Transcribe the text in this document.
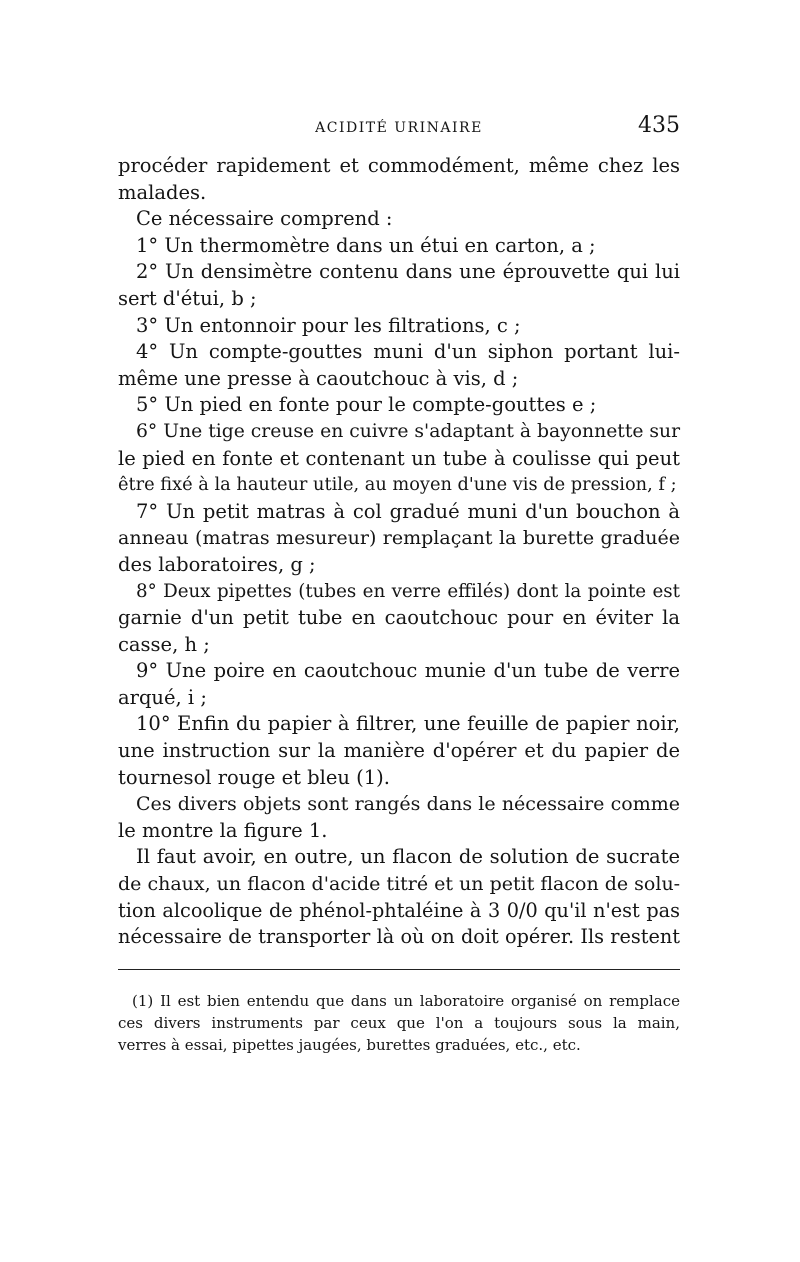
ACIDITÉ URINAIRE	435
procéder rapidement et commodément, même chez les
malades.
Ce nécessaire comprend :
1° Un thermomètre dans un étui en carton, a ;
2° Un densimètre contenu dans une éprouvette qui lui
sert d'étui, b ;
3° Un entonnoir pour les filtrations, c ;
4° Un compte-gouttes muni d'un siphon portant lui-
même une presse à caoutchouc à vis, d ;
5° Un pied en fonte pour le compte-gouttes e ;
6° Une tige creuse en cuivre s'adaptant à bayonnette sur
le pied en fonte et contenant un tube à coulisse qui peut
être fixé à la hauteur utile, au moyen d'une vis de pression, f ;
7° Un petit matras à col gradué muni d'un bouchon à
anneau (matras mesureur) remplaçant la burette graduée
des laboratoires, g ;
8° Deux pipettes (tubes en verre effilés) dont la pointe est
garnie d'un petit tube en caoutchouc pour en éviter la
casse, h ;
9° Une poire en caoutchouc munie d'un tube de verre
arqué, i ;
10° Enfin du papier à filtrer, une feuille de papier noir,
une instruction sur la manière d'opérer et du papier de
tournesol rouge et bleu (1).
Ces divers objets sont rangés dans le nécessaire comme
le montre la figure 1.
Il faut avoir, en outre, un flacon de solution de sucrate
de chaux, un flacon d'acide titré et un petit flacon de solu-
tion alcoolique de phénol-phtaléine à 3 0/0 qu'il n'est pas
nécessaire de transporter là où on doit opérer. Ils restent
(1) Il est bien entendu que dans un laboratoire organisé on remplace
ces divers instruments par ceux que l'on a toujours sous la main,
verres à essai, pipettes jaugées, burettes graduées, etc., etc.
